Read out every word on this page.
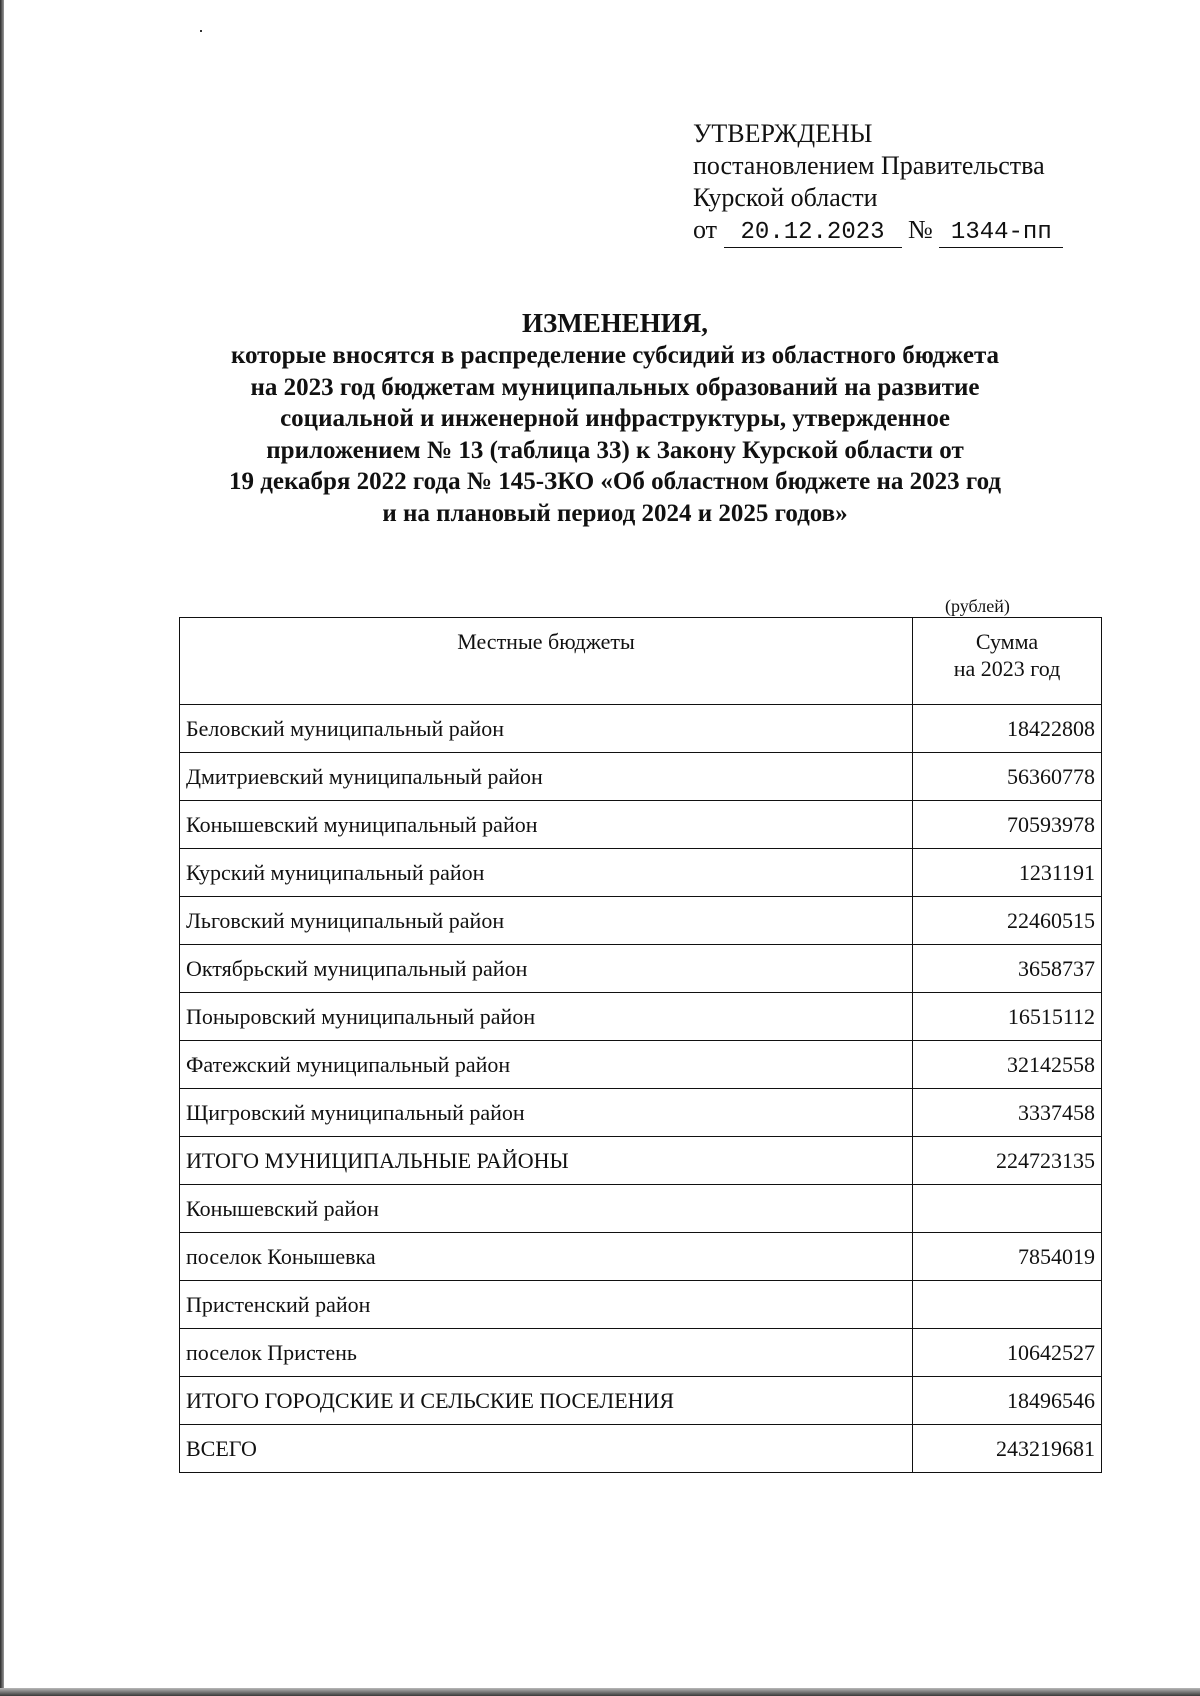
УТВЕРЖДЕНЫ
постановлением Правительства
Курской области
от 20.12.2023 № 1344-пп
ИЗМЕНЕНИЯ,
которые вносятся в распределение субсидий из областного бюджета
на 2023 год бюджетам муниципальных образований на развитие
социальной и инженерной инфраструктуры, утвержденное
приложением № 13 (таблица 33) к Закону Курской области от
19 декабря 2022 года № 145-ЗКО «Об областном бюджете на 2023 год
и на плановый период 2024 и 2025 годов»
(рублей)
Местные бюджеты	Сумма
на 2023 год

Беловский муниципальный район	18422808
Дмитриевский муниципальный район	56360778
Конышевский муниципальный район	70593978
Курский муниципальный район	1231191
Льговский муниципальный район	22460515
Октябрьский муниципальный район	3658737
Поныровский муниципальный район	16515112
Фатежский муниципальный район	32142558
Щигровский муниципальный район	3337458
ИТОГО МУНИЦИПАЛЬНЫЕ РАЙОНЫ	224723135
Конышевский район	
поселок Конышевка	7854019
Пристенский район	
поселок Пристень	10642527
ИТОГО ГОРОДСКИЕ И СЕЛЬСКИЕ ПОСЕЛЕНИЯ	18496546
ВСЕГО	243219681
